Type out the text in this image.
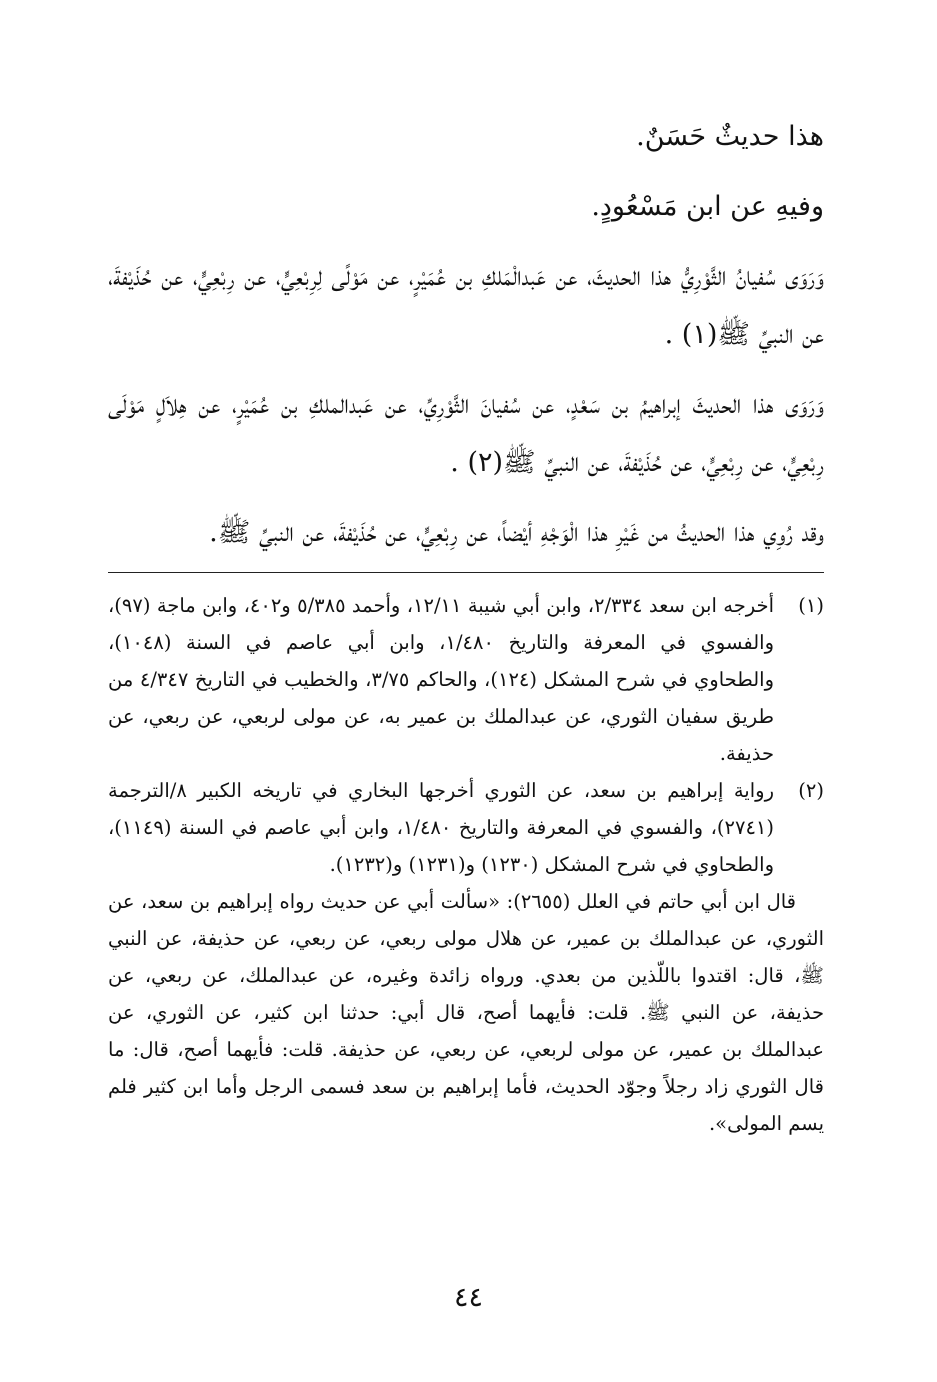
هذا حديثٌ حَسَنٌ.

وفيهِ عن ابن مَسْعُودٍ.

وَرَوَى سُفيانُ الثَّوْرِيُّ هذا الحديثَ، عن عَبدالْمَلكِ بن عُمَيْرٍ، عن مَوْلًى لِرِبْعِيٍّ، عن رِبْعِيٍّ، عن حُذَيْفةَ، عن النبيِّ ﷺ(١) .

وَرَوَى هذا الحديثَ إبراهيمُ بن سَعْدٍ، عن سُفيانَ الثَّوْرِيِّ، عن عَبدالملكِ بن عُمَيْرٍ، عن هِلاَلٍ مَوْلَى رِبْعِيٍّ، عن رِبْعِيٍّ، عن حُذَيْفةَ، عن النبيِّ ﷺ(٢) .

وقد رُوِي هذا الحديثُ من غَيْرِ هذا الْوَجْهِ أيْضاً، عن رِبْعِيٍّ، عن حُذَيْفةَ، عن النبيِّ ﷺ.

(١)
أخرجه ابن سعد ٢/٣٣٤، وابن أبي شيبة ١٢/١١، وأحمد ٥/٣٨٥ و٤٠٢، وابن ماجة (٩٧)، والفسوي في المعرفة والتاريخ ١/٤٨٠، وابن أبي عاصم في السنة (١٠٤٨)، والطحاوي في شرح المشكل (١٢٤)، والحاكم ٣/٧٥، والخطيب في التاريخ ٤/٣٤٧ من طريق سفيان الثوري، عن عبدالملك بن عمير به، عن مولى لربعي، عن ربعي، عن حذيفة.
(٢)
رواية إبراهيم بن سعد، عن الثوري أخرجها البخاري في تاريخه الكبير ٨/الترجمة (٢٧٤١)، والفسوي في المعرفة والتاريخ ١/٤٨٠، وابن أبي عاصم في السنة (١١٤٩)، والطحاوي في شرح المشكل (١٢٣٠) و(١٢٣١) و(١٢٣٢).

قال ابن أبي حاتم في العلل (٢٦٥٥): «سألت أبي عن حديث رواه إبراهيم بن سعد، عن الثوري، عن عبدالملك بن عمير، عن هلال مولى ربعي، عن ربعي، عن حذيفة، عن النبي ﷺ، قال: اقتدوا باللّذين من بعدي. ورواه زائدة وغيره، عن عبدالملك، عن ربعي، عن حذيفة، عن النبي ﷺ. قلت: فأيهما أصح، قال أبي: حدثنا ابن كثير، عن الثوري، عن عبدالملك بن عمير، عن مولى لربعي، عن ربعي، عن حذيفة. قلت: فأيهما أصح، قال: ما قال الثوري زاد رجلاً وجوّد الحديث، فأما إبراهيم بن سعد فسمى الرجل وأما ابن كثير فلم يسم المولى».

٤٤
